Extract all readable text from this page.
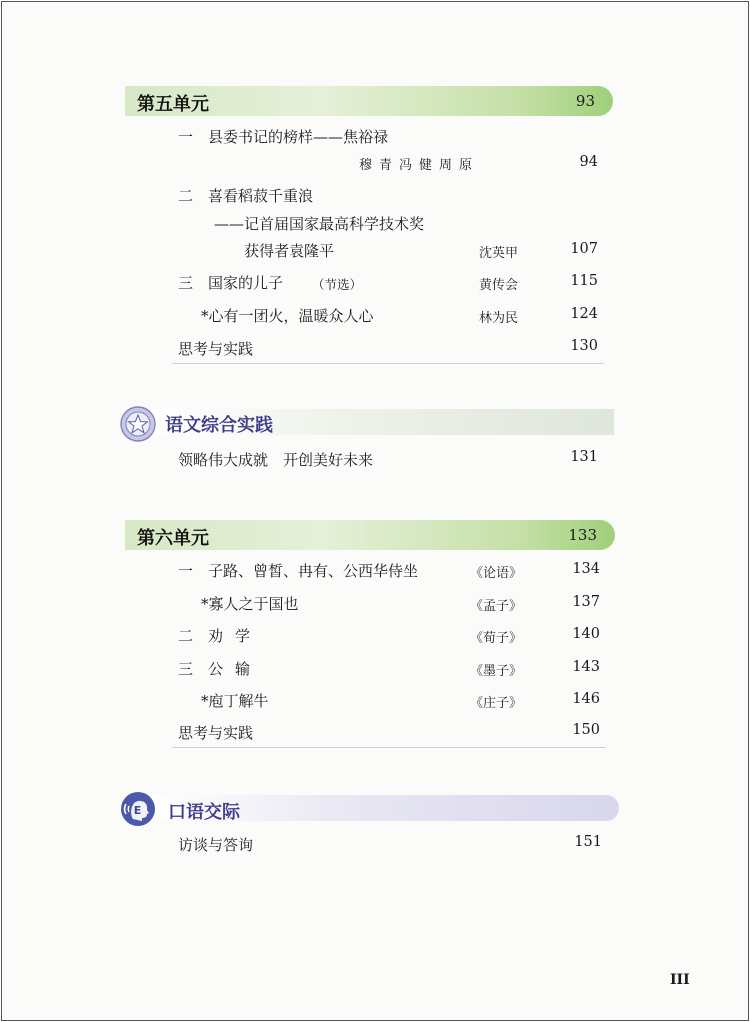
第五单元	93
一 县委书记的榜样——焦裕禄
穆青冯健周原	94
二 喜看稻菽千重浪
——记首届国家最高科学技术奖
获得者袁隆平	沈英甲	107
三 国家的儿子 （节选）	黄传会	115
*心有一团火，温暖众人心	林为民	124
思考与实践	130
语文综合实践
领略伟大成就　开创美好未来	131
第六单元	133
一 子路、曾皙、冉有、公西华侍坐	《论语》	134
*寡人之于国也	《孟子》	137
二 劝学	《荀子》	140
三 公输	《墨子》	143
*庖丁解牛	《庄子》	146
思考与实践	150
E 口语交际
访谈与答询	151
III
